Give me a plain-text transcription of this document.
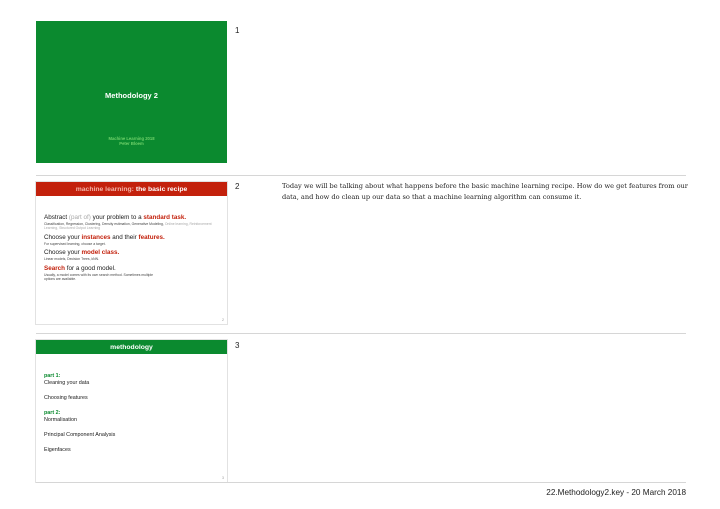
1
Methodology 2
Machine Learning 2018
Peter Bloem
2
machine learning: the basic recipe
Abstract (part of) your problem to a standard task.
Classification, Regression, Clustering, Density estimation, Generative Modeling, Online learning, Reinforcement Learning, Structured Output Learning
Choose your instances and their features.
For supervised learning, choose a target.
Choose your model class.
Linear models, Decision Trees, kNN.
Search for a good model.
Usually, a model comes with its own search method. Sometimes multiple options are available.
2
Today we will be talking about what happens before the basic machine learning recipe. How do we get features from our data, and how do clean up our data so that a machine learning algorithm can consume it.
3
methodology
part 1:
Cleaning your data
Choosing features
part 2:
Normalisation
Principal Component Analysis
Eigenfaces
3
22.Methodology2.key - 20 March 2018
